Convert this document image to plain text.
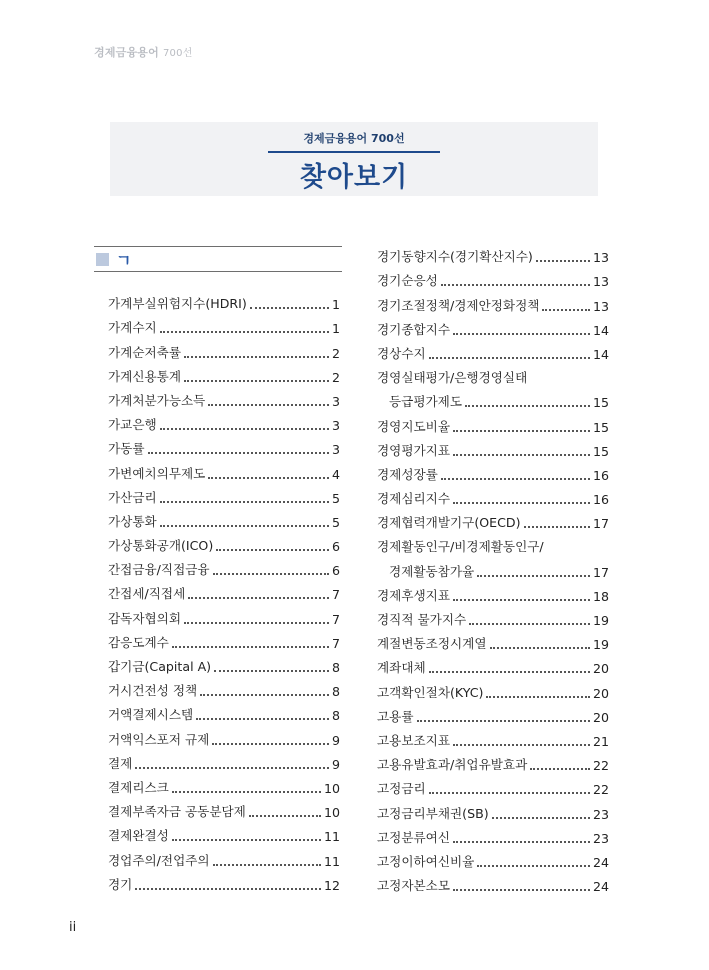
경제금융용어 700선
경제금융용어 700선
찾아보기
ㄱ
가계부실위험지수(HDRI)	1
가계수지	1
가계순저축률	2
가계신용통계	2
가계처분가능소득	3
가교은행	3
가동률	3
가변예치의무제도	4
가산금리	5
가상통화	5
가상통화공개(ICO)	6
간접금융/직접금융	6
간접세/직접세	7
감독자협의회	7
감응도계수	7
갑기금(Capital A)	8
거시건전성 정책	8
거액결제시스템	8
거액익스포저 규제	9
결제	9
결제리스크	10
결제부족자금 공동분담제	10
결제완결성	11
경업주의/전업주의	11
경기	12
경기동향지수(경기확산지수)	13
경기순응성	13
경기조절정책/경제안정화정책	13
경기종합지수	14
경상수지	14
경영실태평가/은행경영실태
등급평가제도	15
경영지도비율	15
경영평가지표	15
경제성장률	16
경제심리지수	16
경제협력개발기구(OECD)	17
경제활동인구/비경제활동인구/
경제활동참가율	17
경제후생지표	18
경직적 물가지수	19
계절변동조정시계열	19
계좌대체	20
고객확인절차(KYC)	20
고용률	20
고용보조지표	21
고용유발효과/취업유발효과	22
고정금리	22
고정금리부채권(SB)	23
고정분류여신	23
고정이하여신비율	24
고정자본소모	24
ii
